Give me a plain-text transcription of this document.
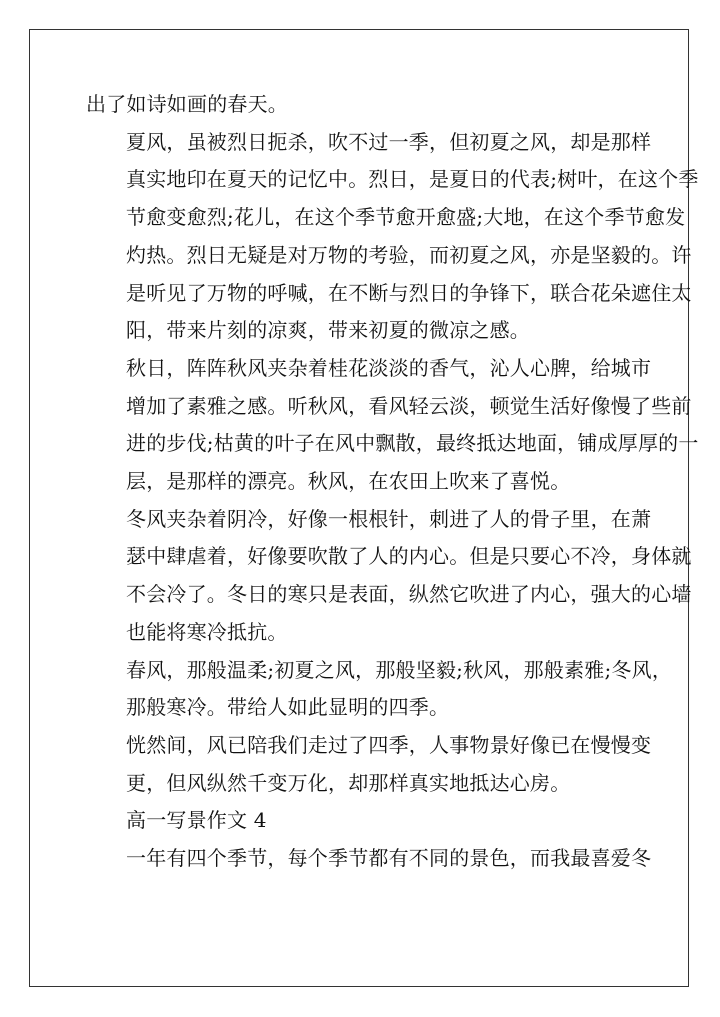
出了如诗如画的春天。

夏风，虽被烈日扼杀，吹不过一季，但初夏之风，却是那样
真实地印在夏天的记忆中。烈日，是夏日的代表;树叶，在这个季
节愈变愈烈;花儿，在这个季节愈开愈盛;大地，在这个季节愈发
灼热。烈日无疑是对万物的考验，而初夏之风，亦是坚毅的。许
是听见了万物的呼喊，在不断与烈日的争锋下，联合花朵遮住太
阳，带来片刻的凉爽，带来初夏的微凉之感。

秋日，阵阵秋风夹杂着桂花淡淡的香气，沁人心脾，给城市
增加了素雅之感。听秋风，看风轻云淡，顿觉生活好像慢了些前
进的步伐;枯黄的叶子在风中飘散，最终抵达地面，铺成厚厚的一
层，是那样的漂亮。秋风，在农田上吹来了喜悦。

冬风夹杂着阴冷，好像一根根针，刺进了人的骨子里，在萧
瑟中肆虐着，好像要吹散了人的内心。但是只要心不冷，身体就
不会冷了。冬日的寒只是表面，纵然它吹进了内心，强大的心墙
也能将寒冷抵抗。

春风，那般温柔;初夏之风，那般坚毅;秋风，那般素雅;冬风，
那般寒冷。带给人如此显明的四季。

恍然间，风已陪我们走过了四季，人事物景好像已在慢慢变
更，但风纵然千变万化，却那样真实地抵达心房。

高一写景作文 4

一年有四个季节，每个季节都有不同的景色，而我最喜爱冬
